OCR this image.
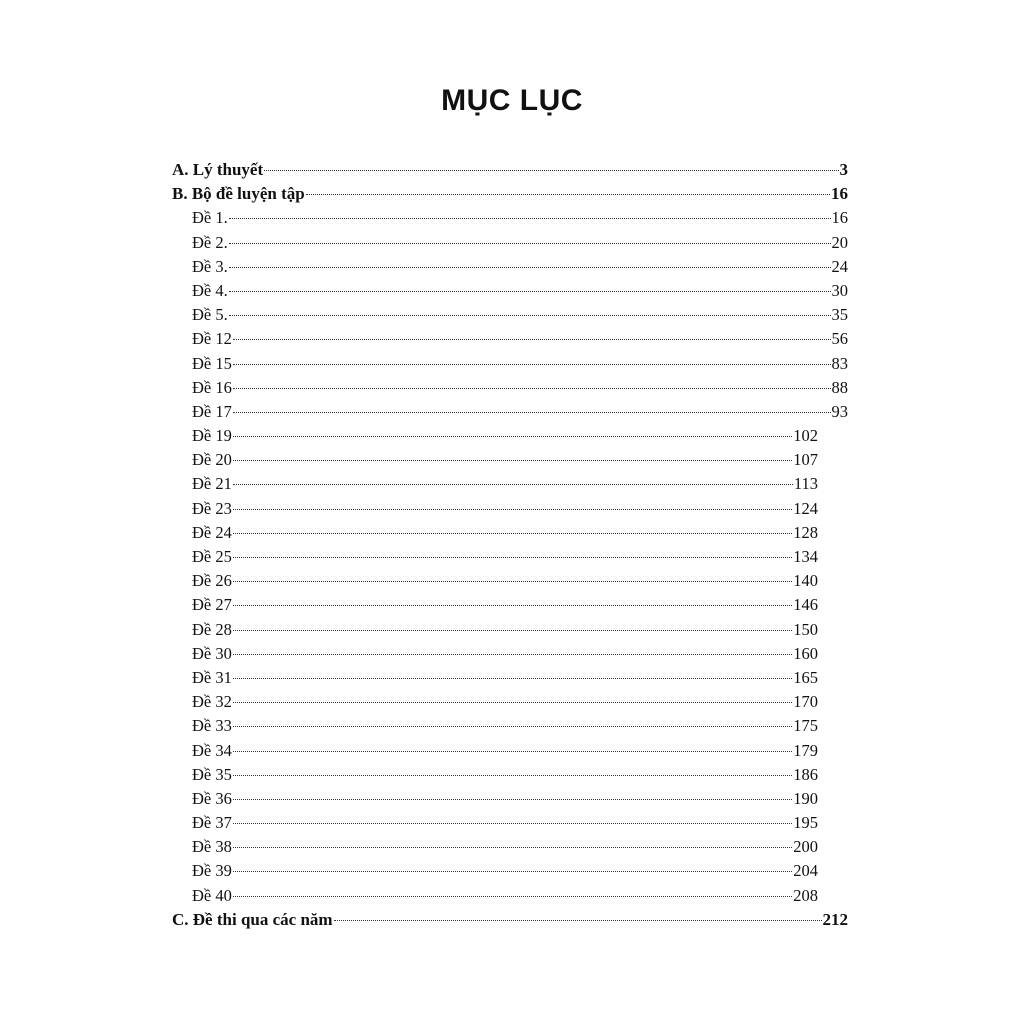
MỤC LỤC
A. Lý thuyết	3
B. Bộ đề luyện tập	16
Đề 1.	16
Đề 2.	20
Đề 3.	24
Đề 4.	30
Đề 5.	35
Đề 12	56
Đề 15	83
Đề 16	88
Đề 17	93
Đề 19	102
Đề 20	107
Đề 21	113
Đề 23	124
Đề 24	128
Đề 25	134
Đề 26	140
Đề 27	146
Đề 28	150
Đề 30	160
Đề 31	165
Đề 32	170
Đề 33	175
Đề 34	179
Đề 35	186
Đề 36	190
Đề 37	195
Đề 38	200
Đề 39	204
Đề 40	208
C. Đề thi qua các năm	212
